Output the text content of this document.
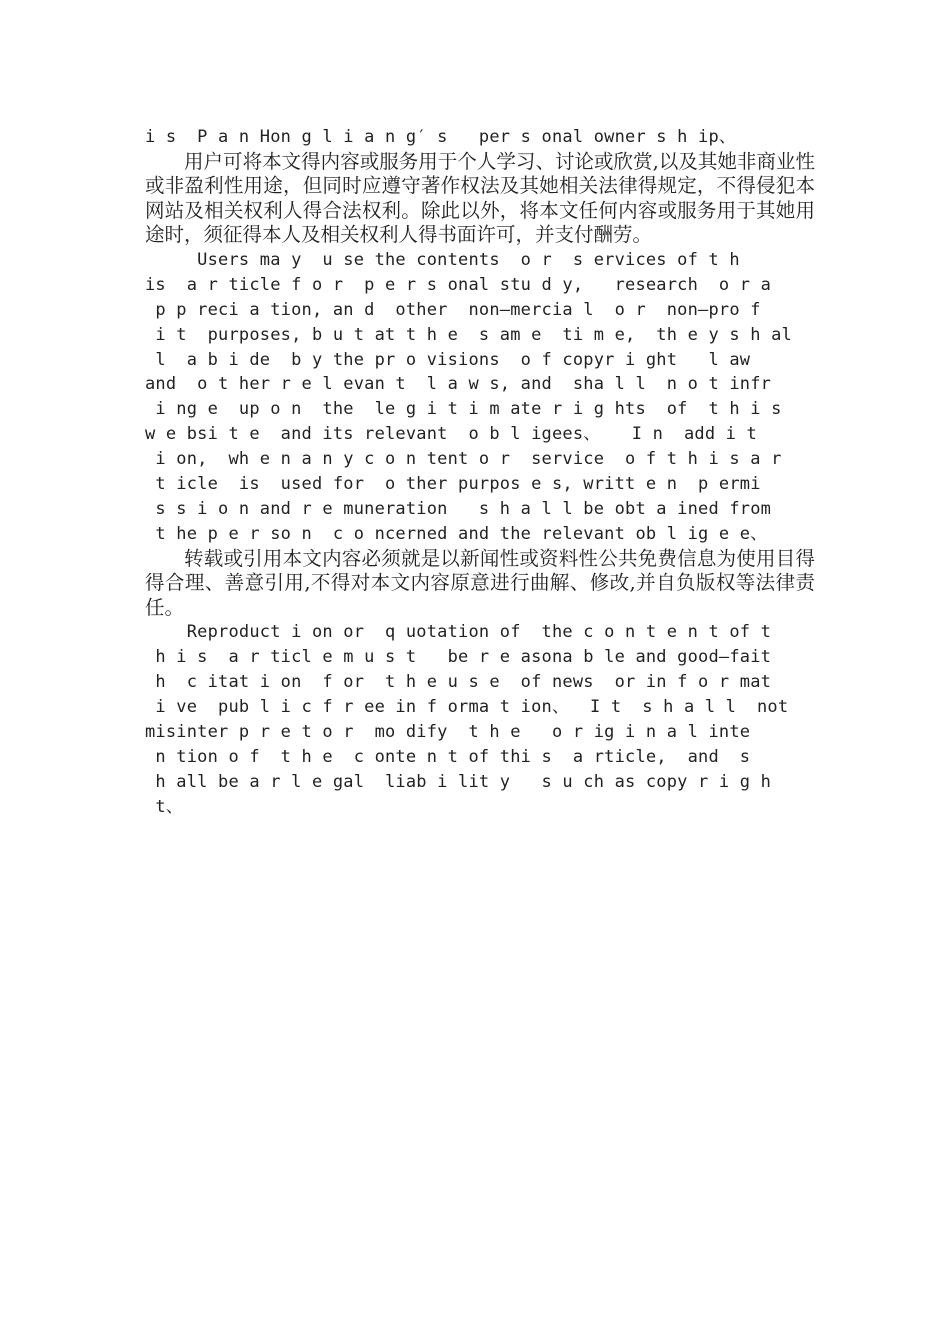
i s  P a n Hon g l i a n g′ s   per s onal owner s h ip、

用户可将本文得内容或服务用于个人学习、讨论或欣赏,以及其她非商业性或非盈利性用途，但同时应遵守著作权法及其她相关法律得规定，不得侵犯本网站及相关权利人得合法权利。除此以外，将本文任何内容或服务用于其她用途时，须征得本人及相关权利人得书面许可，并支付酬劳。

Users ma y  u se the contents  o r  s ervices of t h

is  a r ticle f o r  p e r s onal stu d y,   research  o r a

p p reci a tion, an d  other  non—mercia l  o r  non—pro f

i t  purposes, b u t at t h e  s am e  ti m e,  th e y s h al

l  a b i de  b y the pr o visions  o f copyr i ght   l aw

and  o t her r e l evan t  l a w s, and  sha l l  n o t infr

i ng e  up o n  the  le g i t i m ate r i g hts  of  t h i s

w e bsi t e  and its relevant  o b l igees、   I n  add i t

i on,  wh e n a n y c o n tent o r  service  o f t h i s a r

t icle  is  used for  o ther purpos e s, writt e n  p ermi

s s i o n and r e muneration   s h a l l be obt a ined from

t he p e r so n  c o ncerned and the relevant ob l ig e e、

转载或引用本文内容必须就是以新闻性或资料性公共免费信息为使用目得得合理、善意引用,不得对本文内容原意进行曲解、修改,并自负版权等法律责任。

Reproduct i on or  q uotation of  the c o n t e n t of t

h i s  a r ticl e m u s t   be r e asona b le and good—fait

h  c itat i on  f or  t h e u s e  of news  or in f o r mat

i ve  pub l i c f r ee in f orma t ion、  I t  s h a l l  not

misinter p r e t o r  mo dify  t h e   o r ig i n a l inte

n tion o f  t h e  c onte n t of thi s  a rticle,  and  s

h all be a r l e gal  liab i lit y   s u ch as copy r i g h

t、
